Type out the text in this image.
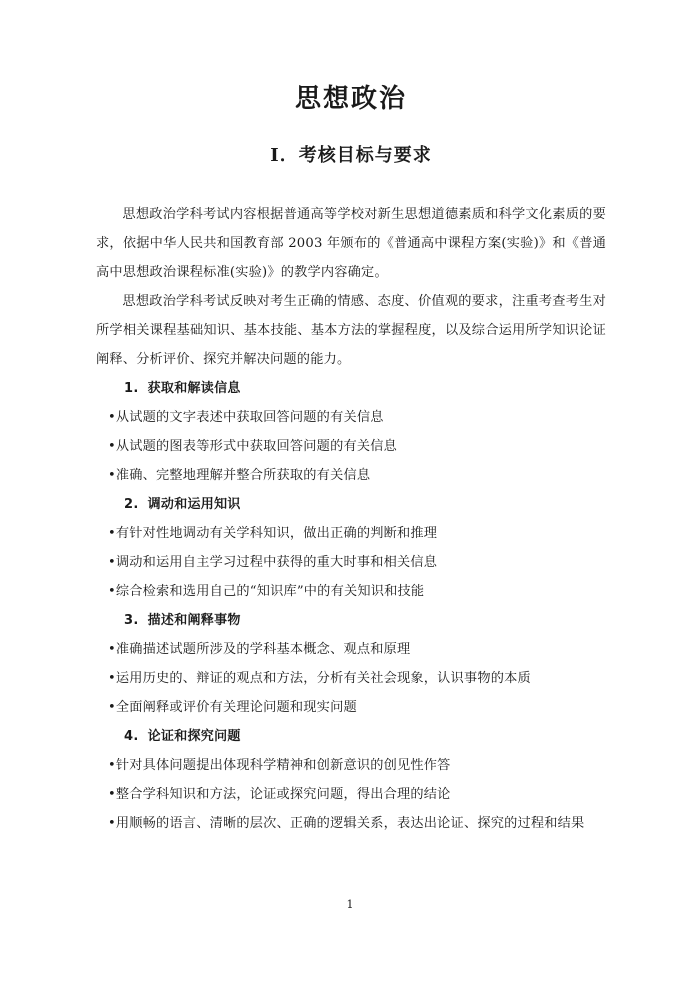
思想政治
Ⅰ．考核目标与要求

思想政治学科考试内容根据普通高等学校对新生思想道德素质和科学文化素质的要求，依据中华人民共和国教育部 2003 年颁布的《普通高中课程方案(实验)》和《普通高中思想政治课程标准(实验)》的教学内容确定。

思想政治学科考试反映对考生正确的情感、态度、价值观的要求，注重考查考生对所学相关课程基础知识、基本技能、基本方法的掌握程度，以及综合运用所学知识论证阐释、分析评价、探究并解决问题的能力。

1. 获取和解读信息

•从试题的文字表述中获取回答问题的有关信息

•从试题的图表等形式中获取回答问题的有关信息

•准确、完整地理解并整合所获取的有关信息

2. 调动和运用知识

•有针对性地调动有关学科知识，做出正确的判断和推理

•调动和运用自主学习过程中获得的重大时事和相关信息

•综合检索和选用自己的“知识库”中的有关知识和技能

3. 描述和阐释事物

•准确描述试题所涉及的学科基本概念、观点和原理

•运用历史的、辩证的观点和方法，分析有关社会现象，认识事物的本质

•全面阐释或评价有关理论问题和现实问题

4. 论证和探究问题

•针对具体问题提出体现科学精神和创新意识的创见性作答

•整合学科知识和方法，论证或探究问题，得出合理的结论

•用顺畅的语言、清晰的层次、正确的逻辑关系，表达出论证、探究的过程和结果

1
